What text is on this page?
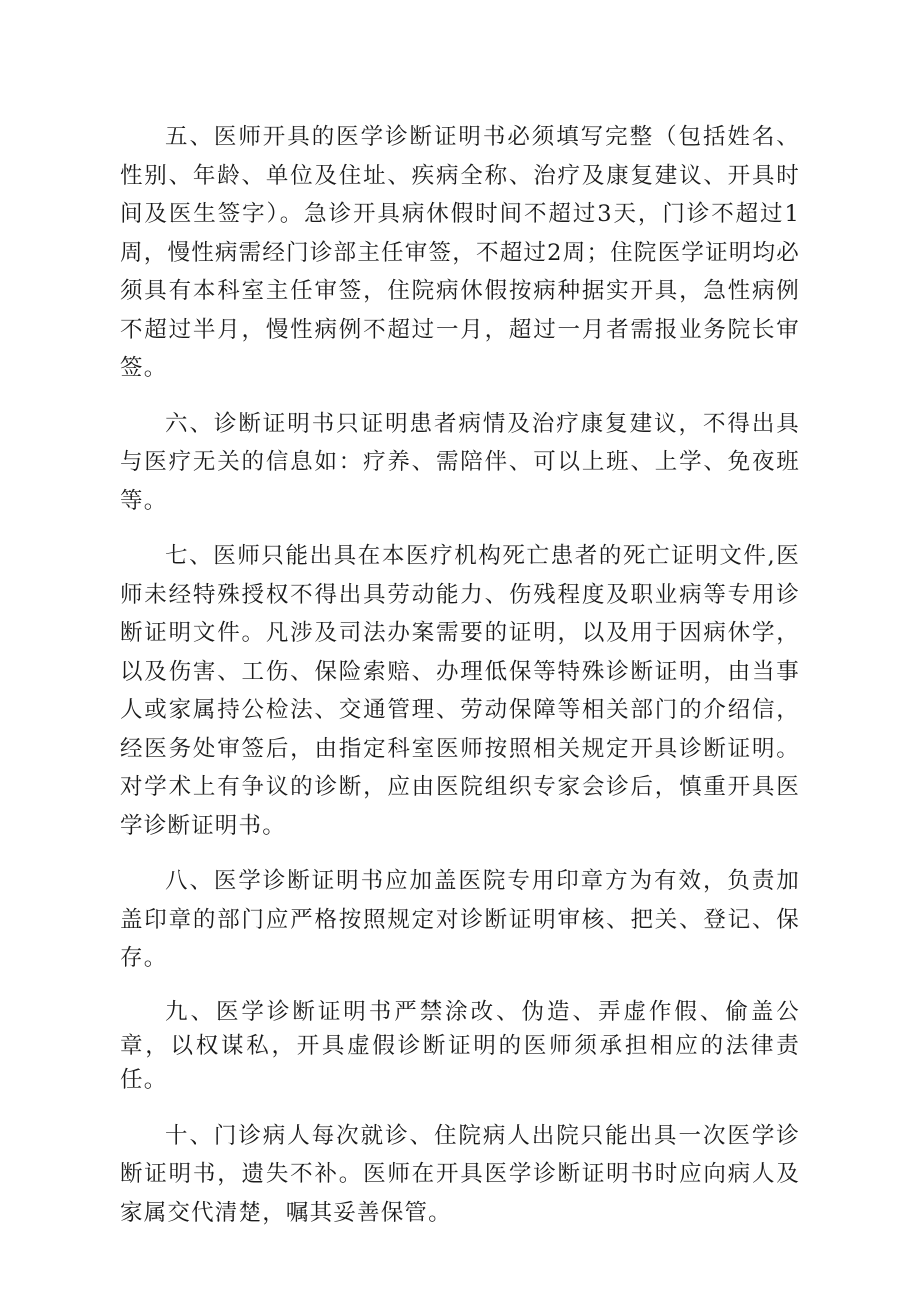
五、医师开具的医学诊断证明书必须填写完整（包括姓名、性别、年龄、单位及住址、疾病全称、治疗及康复建议、开具时间及医生签字）。急诊开具病休假时间不超过3天，门诊不超过1周，慢性病需经门诊部主任审签，不超过2周；住院医学证明均必须具有本科室主任审签，住院病休假按病种据实开具，急性病例不超过半月，慢性病例不超过一月，超过一月者需报业务院长审签。

六、诊断证明书只证明患者病情及治疗康复建议，不得出具与医疗无关的信息如：疗养、需陪伴、可以上班、上学、免夜班等。

七、医师只能出具在本医疗机构死亡患者的死亡证明文件,医师未经特殊授权不得出具劳动能力、伤残程度及职业病等专用诊断证明文件。凡涉及司法办案需要的证明，以及用于因病休学，以及伤害、工伤、保险索赔、办理低保等特殊诊断证明，由当事人或家属持公检法、交通管理、劳动保障等相关部门的介绍信，经医务处审签后，由指定科室医师按照相关规定开具诊断证明。对学术上有争议的诊断，应由医院组织专家会诊后，慎重开具医学诊断证明书。

八、医学诊断证明书应加盖医院专用印章方为有效，负责加盖印章的部门应严格按照规定对诊断证明审核、把关、登记、保存。

九、医学诊断证明书严禁涂改、伪造、弄虚作假、偷盖公章，以权谋私，开具虚假诊断证明的医师须承担相应的法律责任。

十、门诊病人每次就诊、住院病人出院只能出具一次医学诊断证明书，遗失不补。医师在开具医学诊断证明书时应向病人及家属交代清楚，嘱其妥善保管。
